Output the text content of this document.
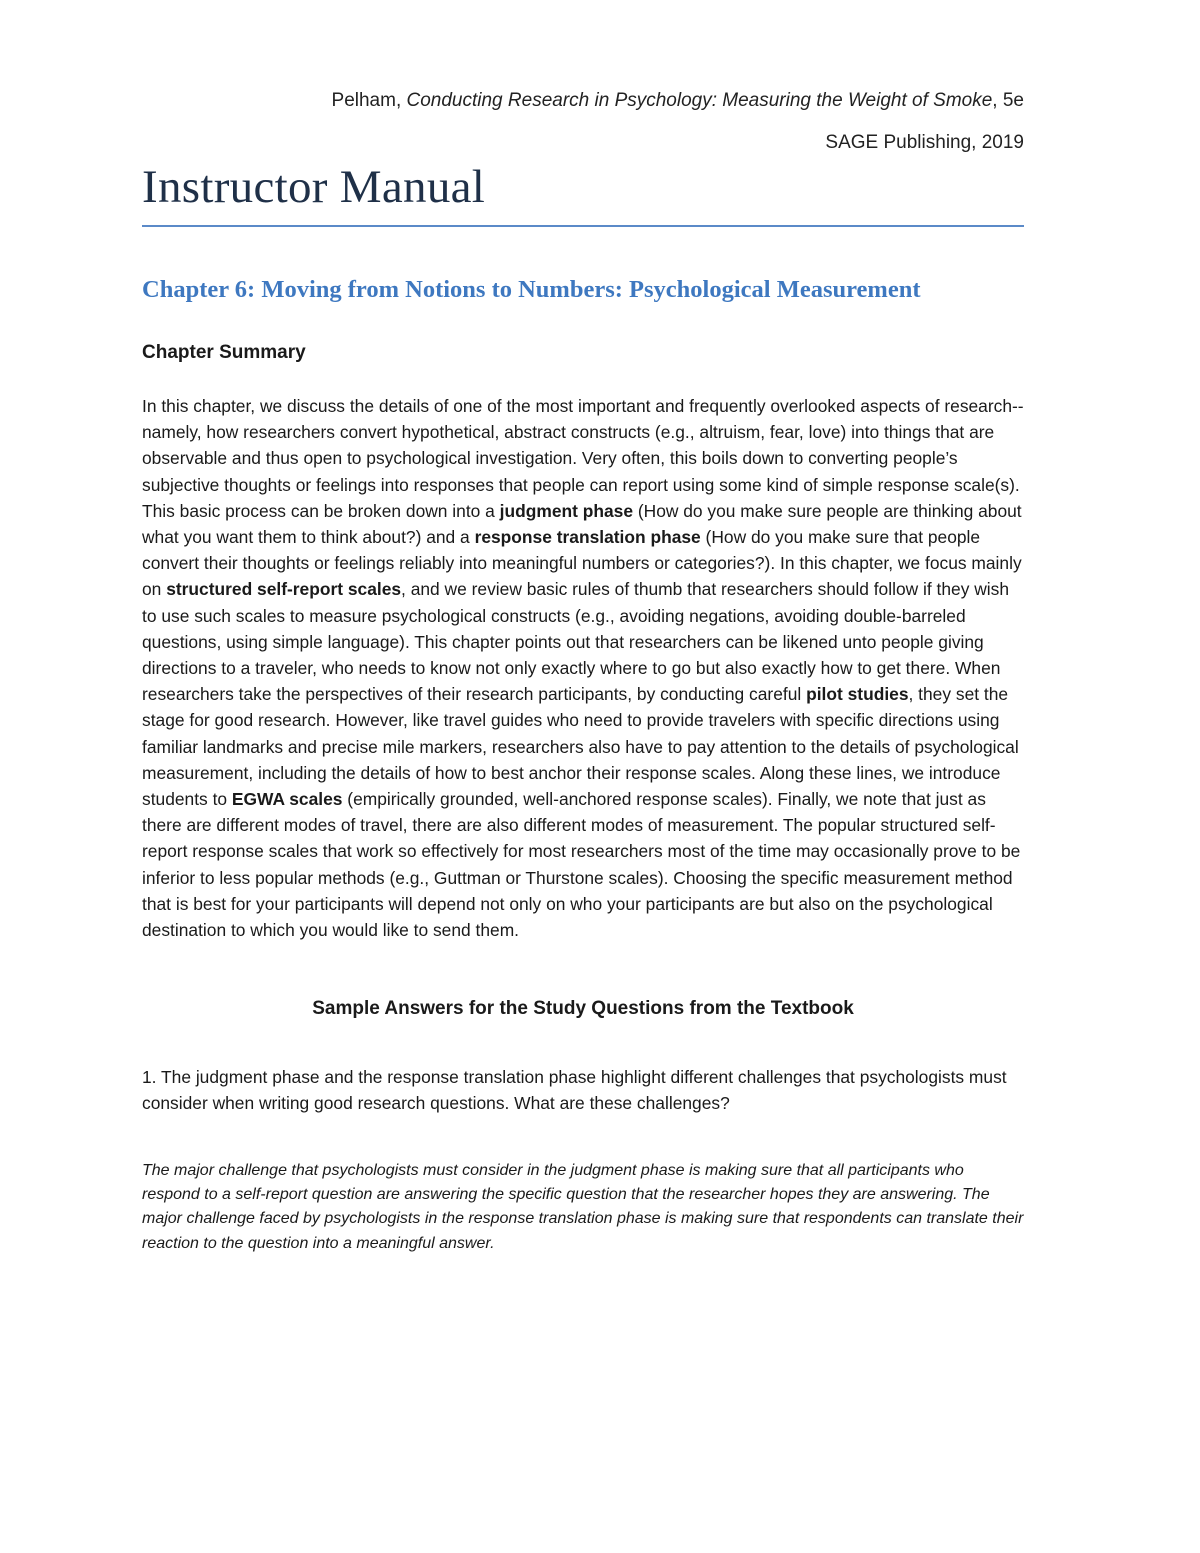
Pelham, Conducting Research in Psychology: Measuring the Weight of Smoke, 5e
SAGE Publishing, 2019
Instructor Manual
Chapter 6: Moving from Notions to Numbers: Psychological Measurement
Chapter Summary
In this chapter, we discuss the details of one of the most important and frequently overlooked aspects of research--namely, how researchers convert hypothetical, abstract constructs (e.g., altruism, fear, love) into things that are observable and thus open to psychological investigation. Very often, this boils down to converting people’s subjective thoughts or feelings into responses that people can report using some kind of simple response scale(s). This basic process can be broken down into a judgment phase (How do you make sure people are thinking about what you want them to think about?) and a response translation phase (How do you make sure that people convert their thoughts or feelings reliably into meaningful numbers or categories?). In this chapter, we focus mainly on structured self-report scales, and we review basic rules of thumb that researchers should follow if they wish to use such scales to measure psychological constructs (e.g., avoiding negations, avoiding double-barreled questions, using simple language). This chapter points out that researchers can be likened unto people giving directions to a traveler, who needs to know not only exactly where to go but also exactly how to get there. When researchers take the perspectives of their research participants, by conducting careful pilot studies, they set the stage for good research. However, like travel guides who need to provide travelers with specific directions using familiar landmarks and precise mile markers, researchers also have to pay attention to the details of psychological measurement, including the details of how to best anchor their response scales. Along these lines, we introduce students to EGWA scales (empirically grounded, well-anchored response scales). Finally, we note that just as there are different modes of travel, there are also different modes of measurement. The popular structured self-report response scales that work so effectively for most researchers most of the time may occasionally prove to be inferior to less popular methods (e.g., Guttman or Thurstone scales). Choosing the specific measurement method that is best for your participants will depend not only on who your participants are but also on the psychological destination to which you would like to send them.
Sample Answers for the Study Questions from the Textbook
1. The judgment phase and the response translation phase highlight different challenges that psychologists must consider when writing good research questions. What are these challenges?
The major challenge that psychologists must consider in the judgment phase is making sure that all participants who respond to a self-report question are answering the specific question that the researcher hopes they are answering. The major challenge faced by psychologists in the response translation phase is making sure that respondents can translate their reaction to the question into a meaningful answer.
